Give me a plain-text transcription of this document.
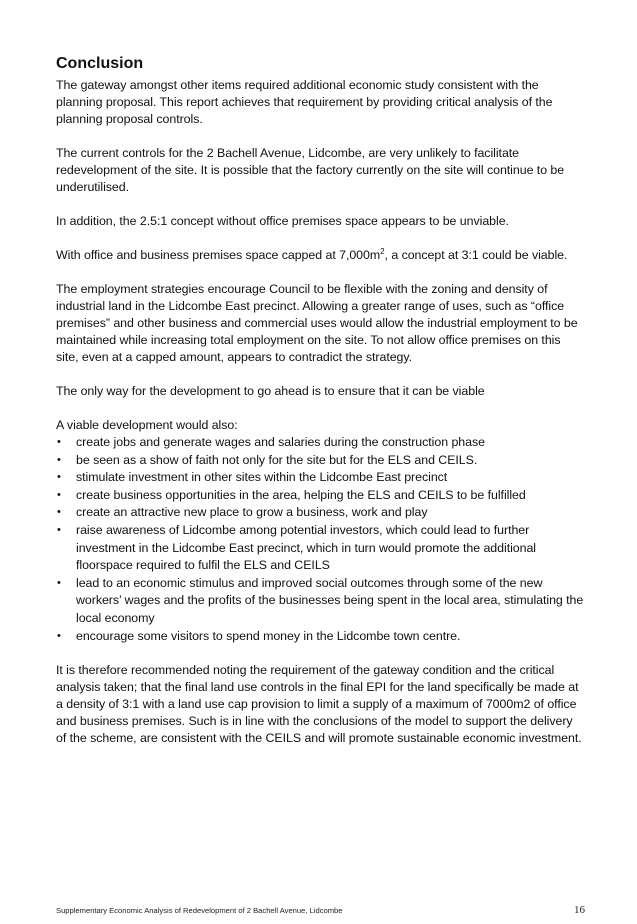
Conclusion

The gateway amongst other items required additional economic study consistent with the planning proposal. This report achieves that requirement by providing critical analysis of the planning proposal controls.

The current controls for the 2 Bachell Avenue, Lidcombe, are very unlikely to facilitate redevelopment of the site. It is possible that the factory currently on the site will continue to be underutilised.

In addition, the 2.5:1 concept without office premises space appears to be unviable.

With office and business premises space capped at $7,000m^2$, a concept at 3:1 could be viable.

The employment strategies encourage Council to be flexible with the zoning and density of industrial land in the Lidcombe East precinct. Allowing a greater range of uses, such as “office premises” and other business and commercial uses would allow the industrial employment to be maintained while increasing total employment on the site. To not allow office premises on this site, even at a capped amount, appears to contradict the strategy.

The only way for the development to go ahead is to ensure that it can be viable

A viable development would also:

• create jobs and generate wages and salaries during the construction phase
• be seen as a show of faith not only for the site but for the ELS and CEILS.
• stimulate investment in other sites within the Lidcombe East precinct
• create business opportunities in the area, helping the ELS and CEILS to be fulfilled
• create an attractive new place to grow a business, work and play
• raise awareness of Lidcombe among potential investors, which could lead to further investment in the Lidcombe East precinct, which in turn would promote the additional floorspace required to fulfil the ELS and CEILS
• lead to an economic stimulus and improved social outcomes through some of the new workers’ wages and the profits of the businesses being spent in the local area, stimulating the local economy
• encourage some visitors to spend money in the Lidcombe town centre.

It is therefore recommended noting the requirement of the gateway condition and the critical analysis taken; that the final land use controls in the final EPI for the land specifically be made at a density of 3:1 with a land use cap provision to limit a supply of a maximum of 7000m2 of office and business premises. Such is in line with the conclusions of the model to support the delivery of the scheme, are consistent with the CEILS and will promote sustainable economic investment.

Supplementary Economic Analysis of Redevelopment of 2 Bachell Avenue, Lidcombe	16
